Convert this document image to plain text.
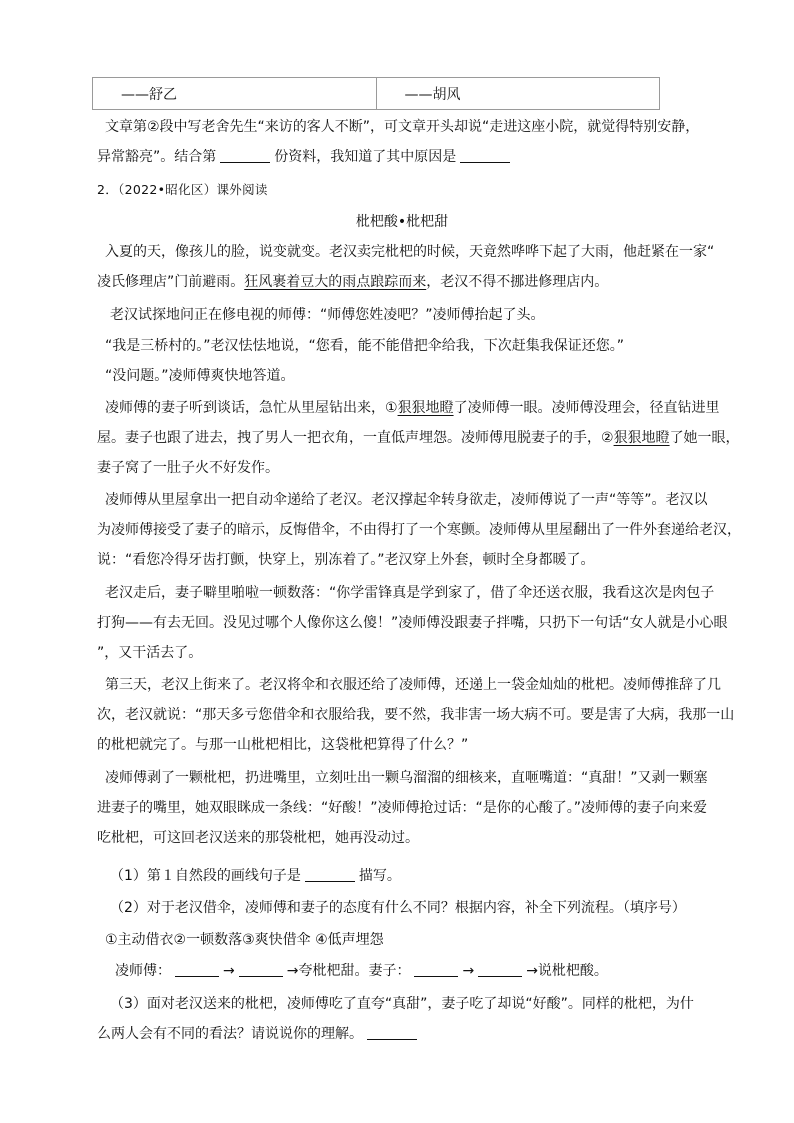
——舒乙	——胡风
文章第②段中写老舍先生“来访的客人不断”，可文章开头却说“走进这座小院，就觉得特别安静，
异常豁亮”。结合第	份资料，我知道了其中原因是
2．（2022•昭化区）课外阅读
枇杷酸•枇杷甜
入夏的天，像孩儿的脸，说变就变。老汉卖完枇杷的时候，天竟然哗哗下起了大雨，他赶紧在一家“
凌氏修理店”门前避雨。狂风裹着豆大的雨点踉踪而来，老汉不得不挪进修理店内。
老汉试探地问正在修电视的师傅：“师傅您姓凌吧？”凌师傅抬起了头。
“我是三桥村的。”老汉怯怯地说，“您看，能不能借把伞给我，下次赶集我保证还您。”
“没问题。”凌师傅爽快地答道。
凌师傅的妻子听到谈话，急忙从里屋钻出来，①狠狠地瞪了凌师傅一眼。凌师傅没理会，径直钻进里
屋。妻子也跟了进去，拽了男人一把衣角，一直低声埋怨。凌师傅甩脱妻子的手，②狠狠地瞪了她一眼，
妻子窝了一肚子火不好发作。
凌师傅从里屋拿出一把自动伞递给了老汉。老汉撑起伞转身欲走，凌师傅说了一声“等等”。老汉以
为凌师傅接受了妻子的暗示，反悔借伞，不由得打了一个寒颤。凌师傅从里屋翻出了一件外套递给老汉，
说：“看您冷得牙齿打颤，快穿上，别冻着了。”老汉穿上外套，顿时全身都暖了。
老汉走后，妻子噼里啪啦一顿数落：“你学雷锋真是学到家了，借了伞还送衣服，我看这次是肉包子
打狗——有去无回。没见过哪个人像你这么傻！”凌师傅没跟妻子拌嘴，只扔下一句话“女人就是小心眼
”，又干活去了。
第三天，老汉上街来了。老汉将伞和衣服还给了凌师傅，还递上一袋金灿灿的枇杷。凌师傅推辞了几
次，老汉就说：“那天多亏您借伞和衣服给我，要不然，我非害一场大病不可。要是害了大病，我那一山
的枇杷就完了。与那一山枇杷相比，这袋枇杷算得了什么？”
凌师傅剥了一颗枇杷，扔进嘴里，立刻吐出一颗乌溜溜的细核来，直咂嘴道：“真甜！”又剥一颗塞
进妻子的嘴里，她双眼眯成一条线：“好酸！”凌师傅抢过话：“是你的心酸了。”凌师傅的妻子向来爱
吃枇杷，可这回老汉送来的那袋枇杷，她再没动过。
（1）第１自然段的画线句子是	描写。
（2）对于老汉借伞，凌师傅和妻子的态度有什么不同？根据内容，补全下列流程。（填序号）
①主动借衣②一顿数落③爽快借伞 ④低声埋怨
凌师傅：	→	→夸枇杷甜。妻子：	→	→说枇杷酸。
（3）面对老汉送来的枇杷，凌师傅吃了直夸“真甜”，妻子吃了却说“好酸”。同样的枇杷，为什
么两人会有不同的看法？请说说你的理解。
